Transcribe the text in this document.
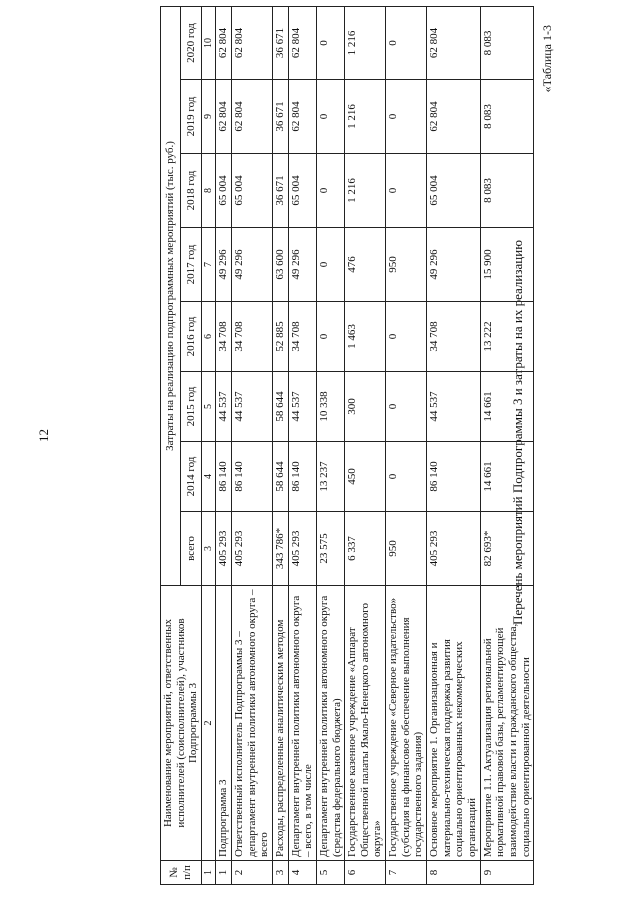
12
«Таблица 1-3
Перечень мероприятий Подпрограммы 3 и затраты на их реализацию
№ п/п	Наименование мероприятий, ответственных исполнителей (соисполнителей), участников Подпрограммы 3	Затраты на реализацию подпрограммных мероприятий (тыс. руб.)							
		всего	2014 год	2015 год	2016 год	2017 год	2018 год	2019 год	2020 год
1	2	3	4	5	6	7	8	9	10
1	Подпрограмма 3	405 293	86 140	44 537	34 708	49 296	65 004	62 804	62 804
2	Ответственный исполнитель Подпрограммы 3 – департамент внутренней политики автономного округа – всего	405 293	86 140	44 537	34 708	49 296	65 004	62 804	62 804
3	Расходы, распределенные аналитическим методом	343 786*	58 644	58 644	52 885	63 600	36 671	36 671	36 671
4	Департамент внутренней политики автономного округа – всего, в том числе	405 293	86 140	44 537	34 708	49 296	65 004	62 804	62 804
5	Департамент внутренней политики автономного округа (средства федерального бюджета)	23 575	13 237	10 338	0	0	0	0	0
6	Государственное казенное учреждение «Аппарат Общественной палаты Ямало-Ненецкого автономного округа»	6 337	450	300	1 463	476	1 216	1 216	1 216
7	Государственное учреждение «Северное издательство» (субсидия на финансовое обеспечение выполнения государственного задания)	950	0	0	0	950	0	0	0
8	Основное мероприятие 1. Организационная и материально-техническая поддержка развития социально ориентированных некоммерческих организаций	405 293	86 140	44 537	34 708	49 296	65 004	62 804	62 804
9	Мероприятие 1.1. Актуализация региональной нормативной правовой базы, регламентирующей взаимодействие власти и гражданского общества, социально ориентированной деятельности	82 693*	14 661	14 661	13 222	15 900	8 083	8 083	8 083
